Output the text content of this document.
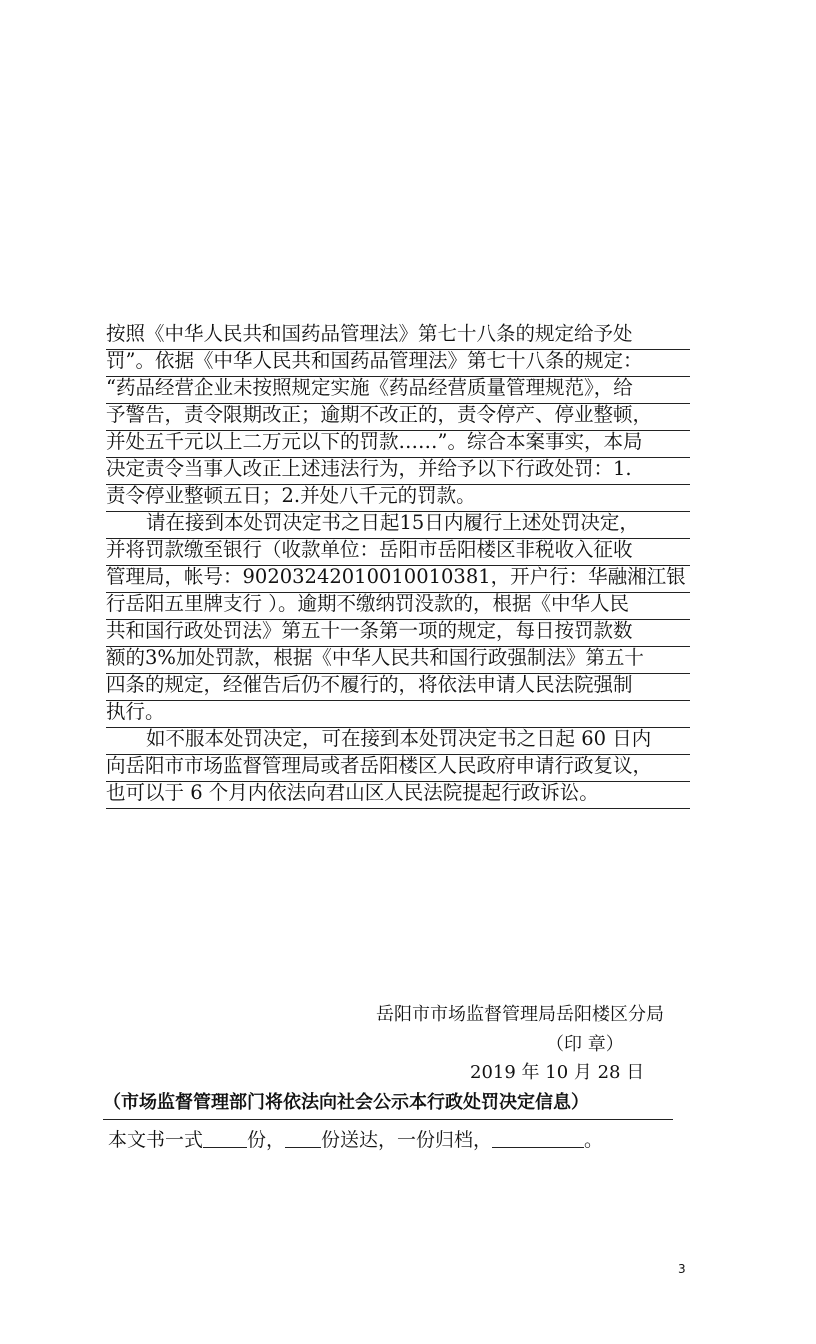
按照《中华人民共和国药品管理法》第七十八条的规定给予处
罚”。依据《中华人民共和国药品管理法》第七十八条的规定：
“药品经营企业未按照规定实施《药品经营质量管理规范》，给
予警告，责令限期改正；逾期不改正的，责令停产、停业整顿，
并处五千元以上二万元以下的罚款……”。综合本案事实，本局
决定责令当事人改正上述违法行为，并给予以下行政处罚：1.
责令停业整顿五日；2.并处八千元的罚款。
请在接到本处罚决定书之日起15日内履行上述处罚决定，
并将罚款缴至银行（收款单位：岳阳市岳阳楼区非税收入征收
管理局，帐号：90203242010010010381，开户行：华融湘江银
行岳阳五里牌支行 ）。逾期不缴纳罚没款的，根据《中华人民
共和国行政处罚法》第五十一条第一项的规定，每日按罚款数
额的3%加处罚款，根据《中华人民共和国行政强制法》第五十
四条的规定，经催告后仍不履行的，将依法申请人民法院强制
执行。
如不服本处罚决定，可在接到本处罚决定书之日起 60 日内
向岳阳市市场监督管理局或者岳阳楼区人民政府申请行政复议，
也可以于 6 个月内依法向君山区人民法院提起行政诉讼。
岳阳市市场监督管理局岳阳楼区分局
（印 章）
2019 年 10 月 28 日
（市场监督管理部门将依法向社会公示本行政处罚决定信息）
本文书一式 份， 份送达，一份归档，	。
3
